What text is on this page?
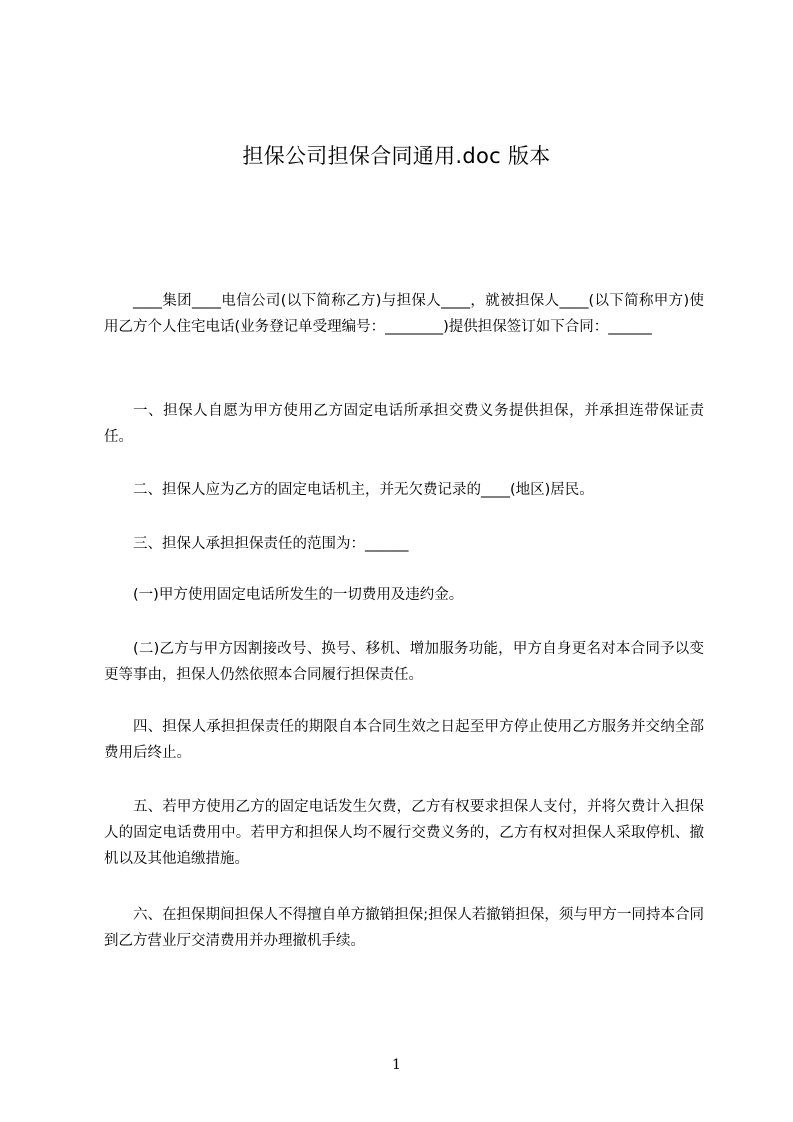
担保公司担保合同通用.doc 版本

____集团____电信公司(以下简称乙方)与担保人____，就被担保人____(以下简称甲方)使用乙方个人住宅电话(业务登记单受理编号：________)提供担保签订如下合同：______

一、担保人自愿为甲方使用乙方固定电话所承担交费义务提供担保，并承担连带保证责任。

二、担保人应为乙方的固定电话机主，并无欠费记录的____(地区)居民。

三、担保人承担担保责任的范围为：______

(一)甲方使用固定电话所发生的一切费用及违约金。

(二)乙方与甲方因割接改号、换号、移机、增加服务功能，甲方自身更名对本合同予以变更等事由，担保人仍然依照本合同履行担保责任。

四、担保人承担担保责任的期限自本合同生效之日起至甲方停止使用乙方服务并交纳全部费用后终止。

五、若甲方使用乙方的固定电话发生欠费，乙方有权要求担保人支付，并将欠费计入担保人的固定电话费用中。若甲方和担保人均不履行交费义务的，乙方有权对担保人采取停机、撤机以及其他追缴措施。

六、在担保期间担保人不得擅自单方撤销担保;担保人若撤销担保，须与甲方一同持本合同到乙方营业厅交清费用并办理撤机手续。

1
